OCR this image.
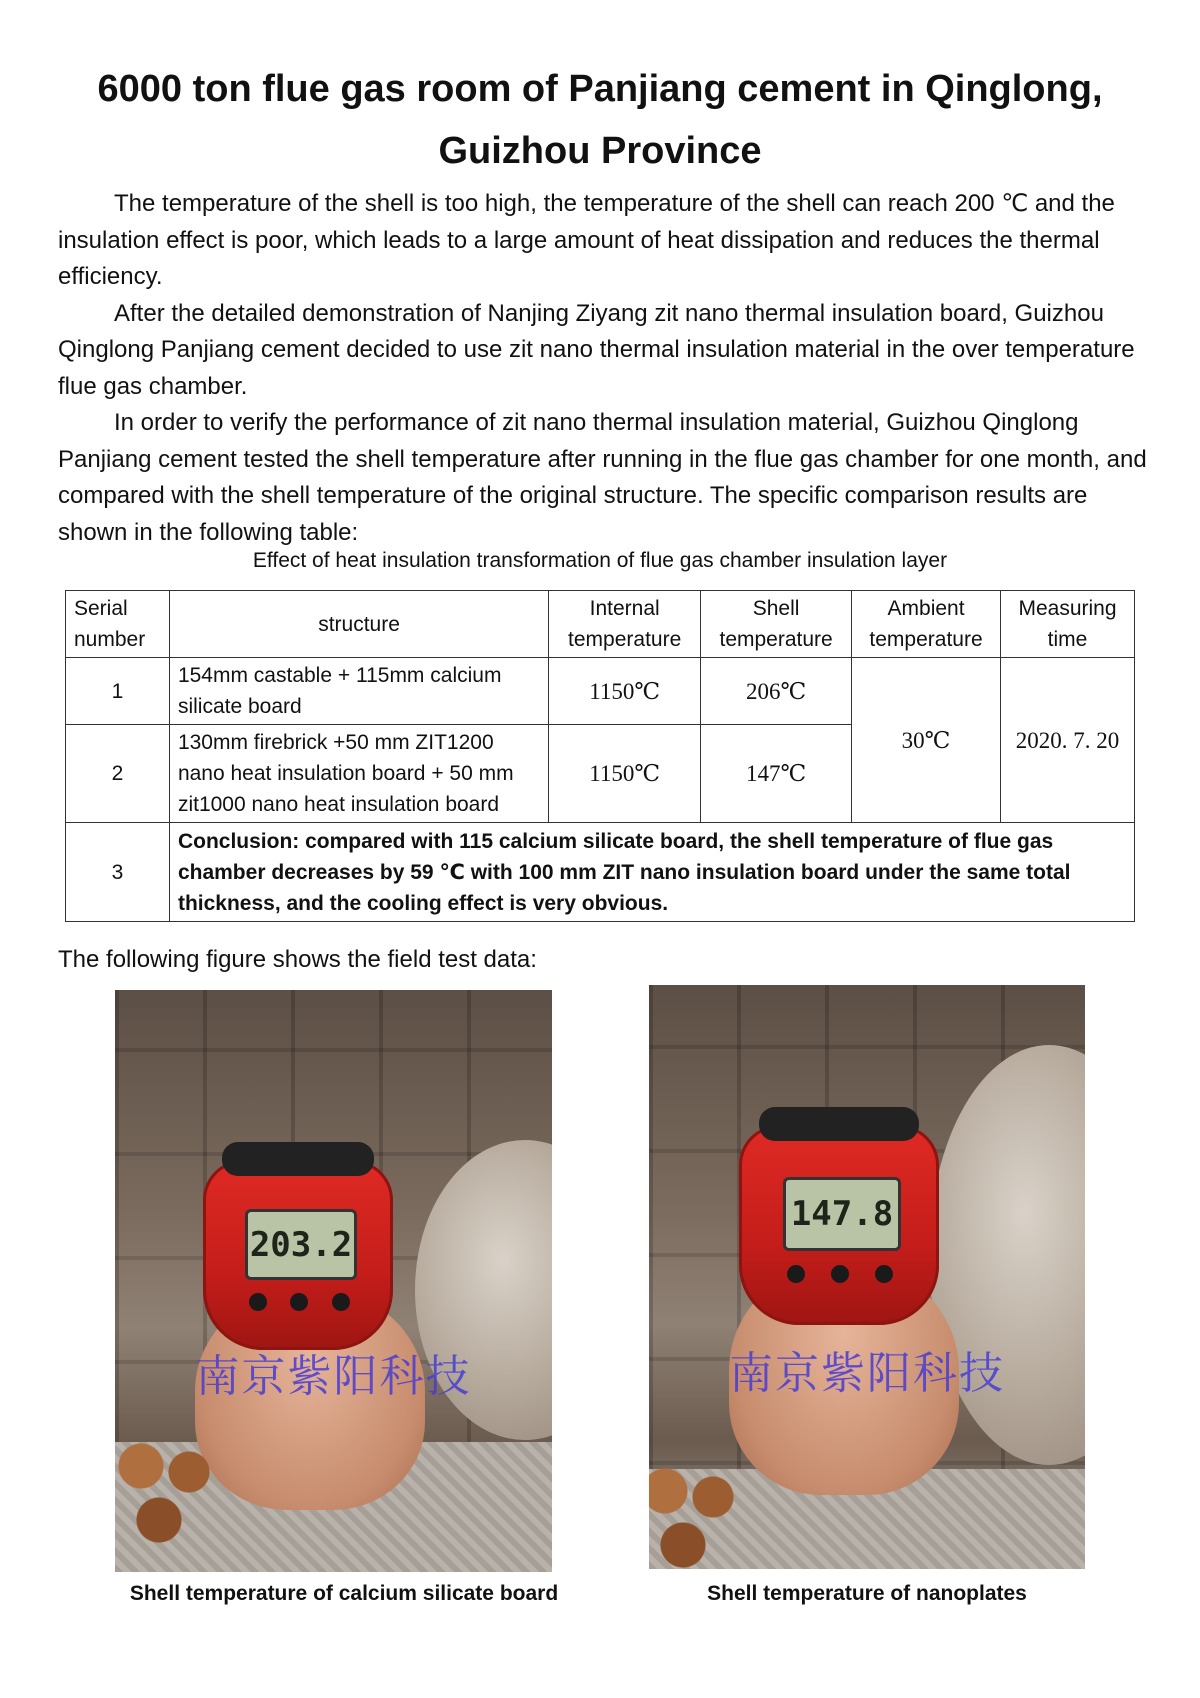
6000 ton flue gas room of Panjiang cement in Qinglong, Guizhou Province

The temperature of the shell is too high, the temperature of the shell can reach 200 ℃ and the insulation effect is poor, which leads to a large amount of heat dissipation and reduces the thermal efficiency.

After the detailed demonstration of Nanjing Ziyang zit nano thermal insulation board, Guizhou Qinglong Panjiang cement decided to use zit nano thermal insulation material in the over temperature flue gas chamber.

In order to verify the performance of zit nano thermal insulation material, Guizhou Qinglong Panjiang cement tested the shell temperature after running in the flue gas chamber for one month, and compared with the shell temperature of the original structure. The specific comparison results are shown in the following table:

Effect of heat insulation transformation of flue gas chamber insulation layer
Serial number	structure	Internal temperature	Shell temperature	Ambient temperature	Measuring time
1	154mm castable + 115mm calcium silicate board	1150℃	206℃	30℃	2020. 7. 20
2	130mm firebrick +50 mm ZIT1200 nano heat insulation board + 50 mm zit1000 nano heat insulation board	1150℃	147℃		
3	Conclusion: compared with 115 calcium silicate board, the shell temperature of flue gas chamber decreases by 59 ℃ with 100 mm ZIT nano insulation board under the same total thickness, and the cooling effect is very obvious.				
The following figure shows the field test data:
203.2
南京紫阳科技
Shell temperature of calcium silicate board
147.8
南京紫阳科技
Shell temperature of nanoplates
